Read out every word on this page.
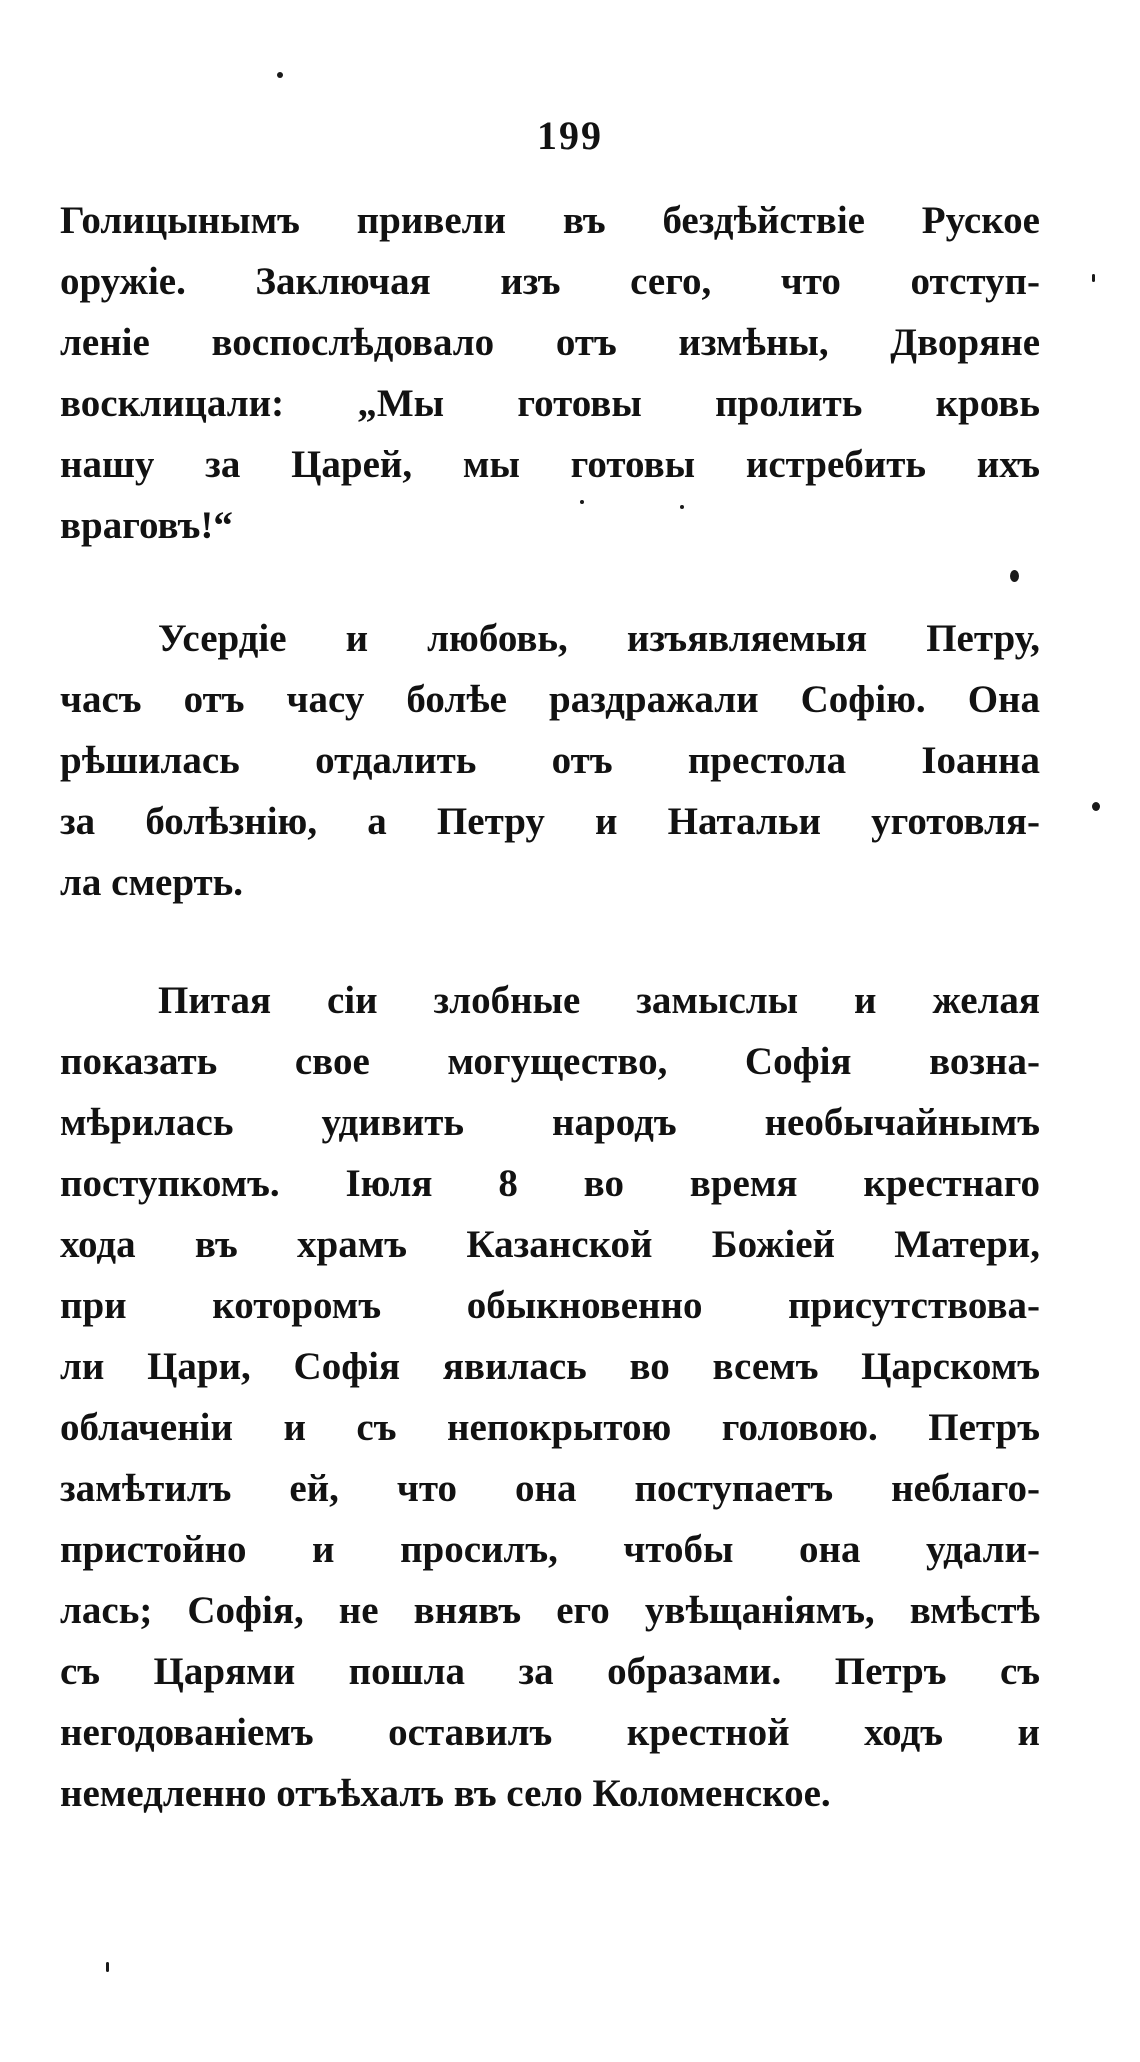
199
Голицынымъ привели въ бездѣйствіе Руское
оружіе. Заключая изъ сего, что отступ-
леніе воспослѣдовало отъ измѣны, Дворяне
восклицали: „Мы готовы пролить кровь
нашу за Царей, мы готовы истребить ихъ
враговъ!“
Усердіе и любовь, изъявляемыя Петру,
часъ отъ часу болѣе раздражали Софію. Она
рѣшилась отдалить отъ престола Іоанна
за болѣзнію, а Петру и Натальи уготовля-
ла смерть.
Питая сіи злобные замыслы и желая
показать свое могущество, Софія вознa-
мѣрилась удивить народъ необычайнымъ
поступкомъ. Іюля 8 во время крестнаго
хода въ храмъ Казанской Божіей Матери,
при которомъ обыкновенно присутствова-
ли Цари, Софія явилась во всемъ Царскомъ
облаченіи и съ непокрытою головою. Петръ
замѣтилъ ей, что она поступаетъ неблаго-
пристойно и просилъ, чтобы она удали-
лась; Софія, не внявъ его увѣщаніямъ, вмѣстѣ
съ Царями пошла за образами. Петръ съ
негодованіемъ оставилъ крестной ходъ и
немедленно отъѣхалъ въ село Коломенское.
